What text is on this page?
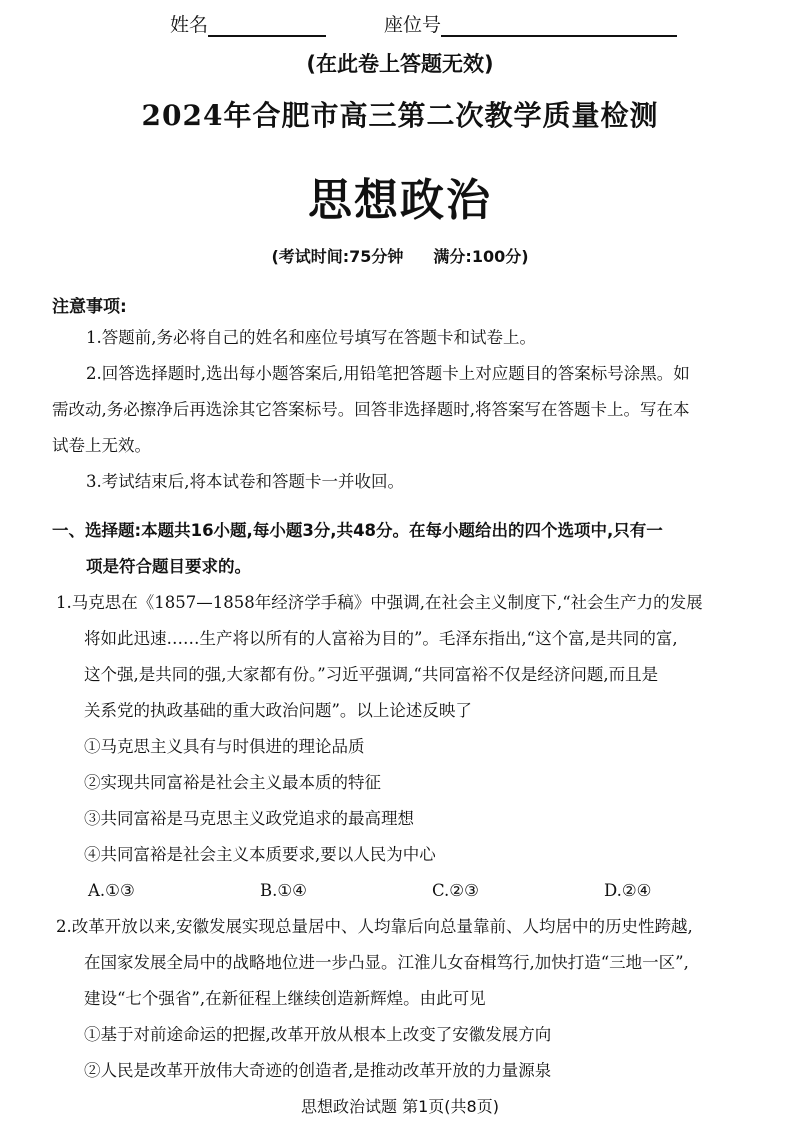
姓名	座位号
(在此卷上答题无效)
2024年合肥市高三第二次教学质量检测
思想政治
(考试时间:75分钟 满分:100分)
注意事项:
1.答题前,务必将自己的姓名和座位号填写在答题卡和试卷上。
2.回答选择题时,选出每小题答案后,用铅笔把答题卡上对应题目的答案标号涂黑。如
需改动,务必擦净后再选涂其它答案标号。回答非选择题时,将答案写在答题卡上。写在本
试卷上无效。
3.考试结束后,将本试卷和答题卡一并收回。
一、选择题:本题共16小题,每小题3分,共48分。在每小题给出的四个选项中,只有一
项是符合题目要求的。
1.马克思在《1857—1858年经济学手稿》中强调,在社会主义制度下,“社会生产力的发展
将如此迅速……生产将以所有的人富裕为目的”。毛泽东指出,“这个富,是共同的富,
这个强,是共同的强,大家都有份。”习近平强调,“共同富裕不仅是经济问题,而且是
关系党的执政基础的重大政治问题”。以上论述反映了
①马克思主义具有与时俱进的理论品质
②实现共同富裕是社会主义最本质的特征
③共同富裕是马克思主义政党追求的最高理想
④共同富裕是社会主义本质要求,要以人民为中心
A.①③	B.①④	C.②③	D.②④
2.改革开放以来,安徽发展实现总量居中、人均靠后向总量靠前、人均居中的历史性跨越,
在国家发展全局中的战略地位进一步凸显。江淮儿女奋楫笃行,加快打造“三地一区”,
建设“七个强省”,在新征程上继续创造新辉煌。由此可见
①基于对前途命运的把握,改革开放从根本上改变了安徽发展方向
②人民是改革开放伟大奇迹的创造者,是推动改革开放的力量源泉
思想政治试题 第1页(共8页)
